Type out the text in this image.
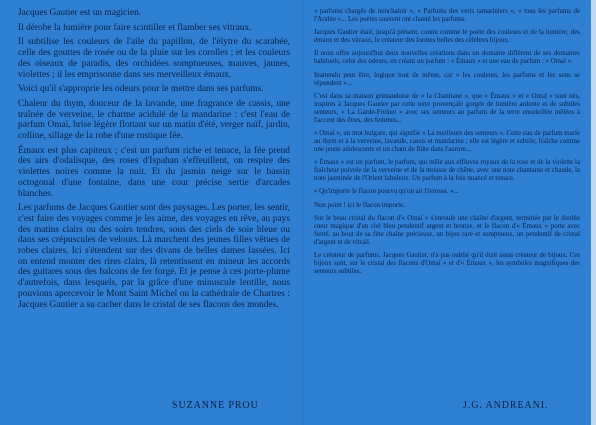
Jacques Gautier est un magicien.

Il dérobe la lumière pour faire scintiller et flamber ses vitraux.

Il subtilise les couleurs de l'aile du papillon, de l'élytre du scarabée, celle des gouttes de rosée ou de la pluie sur les corolles ; et les couleurs des oiseaux de paradis, des orchidées somptueuses, mauves, jaunes, violettes ; il les emprisonne dans ses merveilleux émaux.

Voici qu'il s'approprie les odeurs pour le mettre dans ses parfums.

Chaleur du thym, douceur de la lavande, une fragrance de cassis, une traînée de verveine, le charme acidulé de la mandarine : c'est l'eau de parfum Omaï, brise légère flottant sur un matin d'été, verger naïf, jardin, colline, sillage de la robe d'une rustique fée.

Émaux est plus capiteux ; c'est un parfum riche et tenace, la fée prend des airs d'odalisque, des roses d'Ispahan s'effeuillent, on respire des violettes noires comme la nuit. Et du jasmin neige sur le bassin octogonal d'une fontaine, dans une cour précise sertie d'arcades blanches.

Les parfums de Jacques Gautier sont des paysages. Les porter, les sentir, c'est faire des voyages comme je les aime, des voyages en rêve, au pays des matins clairs ou des soirs tendres, sous des ciels de soie bleue ou dans ses crépuscules de velours. Là marchent des jeunes filles vêtues de robes claires. Ici s'étendent sur des divans de belles dames lassées. Ici on entend monter des rires clairs, là retentissent en mineur les accords des guitares sous des balcons de fer forgé. Et je pense à ces porte-plume d'autrefois, dans lesquels, par la grâce d'une minuscule lentille, nous pouvions apercevoir le Mont Saint Michel ou la cathédrale de Chartres : Jacques Gautier a su cacher dans le cristal de ses flacons des mondes.

« parfums chargés de nonchaloir », « Parfums des verts tamariniers », « tous les parfums de l'Arabie »... Les poètes souvent ont chanté les parfums.

Jacques Gautier était, jusqu'à présent, connu comme le poète des couleurs et de la lumière, des émaux et des vitraux, le créateur des formes belles des célèbres bijoux.

Il nous offre aujourd'hui deux nouvelles créations dans un domaine différent de ses domaines habituels, celui des odeurs, en créant un parfum : « Émaux » et une eau de parfum : « Omaï ».

Inattendu peut être, logique tout de même, car « les couleurs, les parfums et les sons se répondent »...

C'est dans sa maison grimaudoise de « la Chantiane », que « Émaux » et « Omaï » sont nés, inspirés à Jacques Gautier par cette terre provençale gorgée de lumière ardente et de subtiles senteurs, « La Garde-Freinet » avec ses senteurs au parfum de la terre ensoleillée mêlées à l'accent des êtres, des femmes...

« Omaï », un mot bulgare, qui signifie « La meilleure des senteurs ». Cette eau de parfum marie au thym et à la verveine, lavande, cassis et mandarine ; elle est légère et subtile, fraîche comme une jeune adolescente et un chant de flûte dans l'aurore...

« Émaux » est un parfum, le parfum, qui mêle aux effluves royaux de la rose et de la violette la fraîcheur poivrée de la verveine et de la mousse de chêne, avec une note chantante et chaude, la note jasminée de l'Orient fabuleux. Un parfum à la fois nuancé et tenace.

« Qu'importe le flacon pourvu qu'on ait l'ivresse. »...

Non point ! ici le flacon importe.

Sur le beau cristal du flacon d'« Omaï » s'enroule une chaîne d'argent, terminée par le double cœur magique d'un ciel bleu pendentif argent et bronze, et le flacon d'« Émaux » porte avec fierté, au bout de sa fine chaîne précieuse, un bijou rare et somptueux, un pendentif de cristal d'argent et de vitrail.

Le créateur de parfums, Jacques Gautier, n'a pas oublié qu'il était aussi créateur de bijoux. Ces bijoux sont, sur le cristal des flacons d'Omaï » et d'« Émaux », les symboles magnifiques des senteurs subtiles.

SUZANNE PROU	J.G. ANDREANI.
